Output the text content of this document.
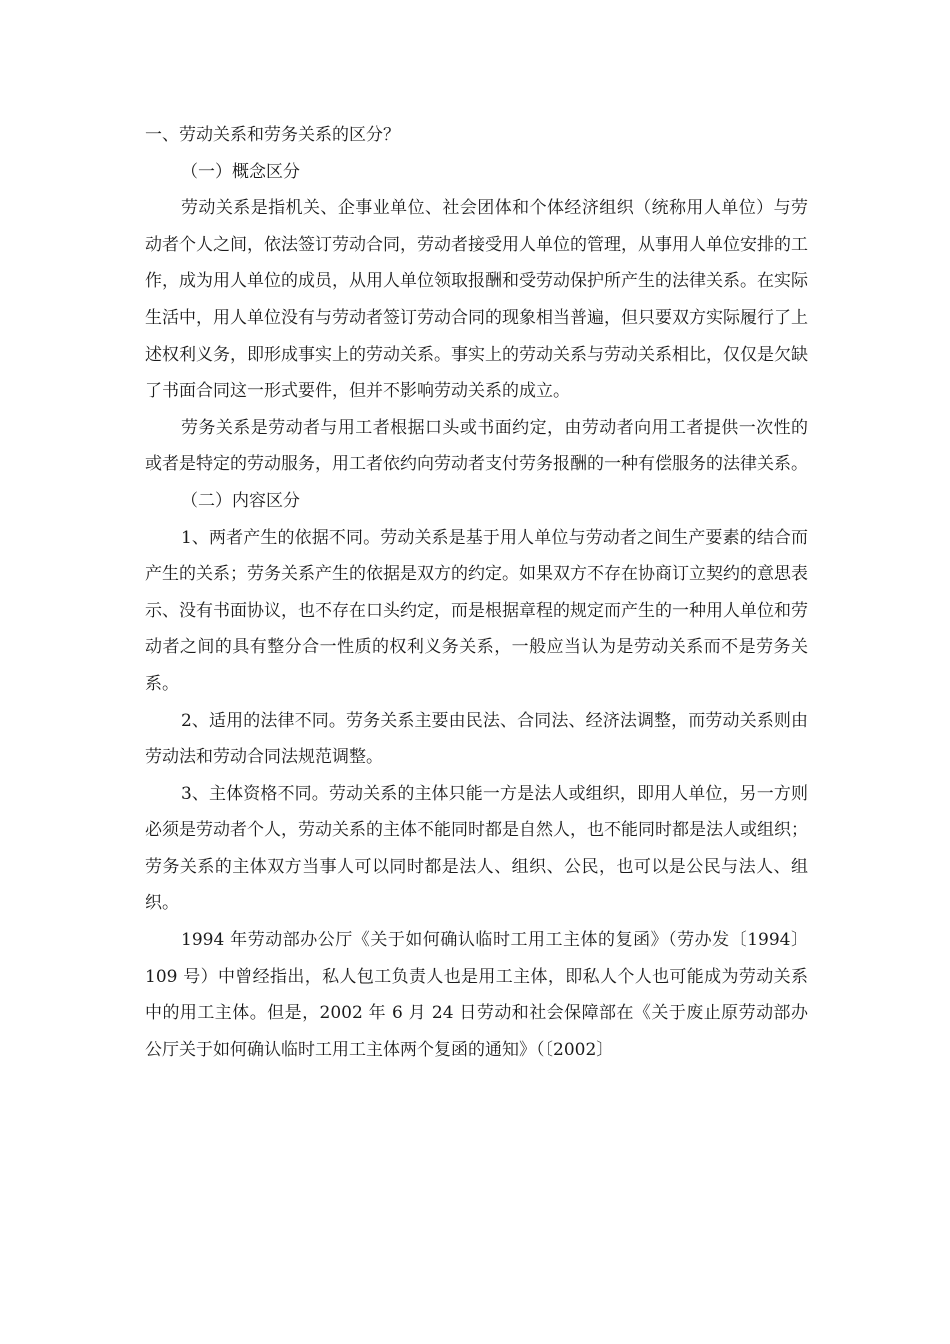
一、劳动关系和劳务关系的区分？

（一）概念区分

劳动关系是指机关、企事业单位、社会团体和个体经济组织（统称用人单位）与劳动者个人之间，依法签订劳动合同，劳动者接受用人单位的管理，从事用人单位安排的工作，成为用人单位的成员，从用人单位领取报酬和受劳动保护所产生的法律关系。在实际生活中，用人单位没有与劳动者签订劳动合同的现象相当普遍，但只要双方实际履行了上述权利义务，即形成事实上的劳动关系。事实上的劳动关系与劳动关系相比，仅仅是欠缺了书面合同这一形式要件，但并不影响劳动关系的成立。

劳务关系是劳动者与用工者根据口头或书面约定，由劳动者向用工者提供一次性的或者是特定的劳动服务，用工者依约向劳动者支付劳务报酬的一种有偿服务的法律关系。

（二）内容区分

1、两者产生的依据不同。劳动关系是基于用人单位与劳动者之间生产要素的结合而产生的关系；劳务关系产生的依据是双方的约定。如果双方不存在协商订立契约的意思表示、没有书面协议，也不存在口头约定，而是根据章程的规定而产生的一种用人单位和劳动者之间的具有整分合一性质的权利义务关系，一般应当认为是劳动关系而不是劳务关系。

2、适用的法律不同。劳务关系主要由民法、合同法、经济法调整，而劳动关系则由劳动法和劳动合同法规范调整。

3、主体资格不同。劳动关系的主体只能一方是法人或组织，即用人单位，另一方则必须是劳动者个人，劳动关系的主体不能同时都是自然人，也不能同时都是法人或组织；劳务关系的主体双方当事人可以同时都是法人、组织、公民，也可以是公民与法人、组织。

1994 年劳动部办公厅《关于如何确认临时工用工主体的复函》（劳办发〔1994〕109 号）中曾经指出，私人包工负责人也是用工主体，即私人个人也可能成为劳动关系中的用工主体。但是，2002 年 6 月 24 日劳动和社会保障部在《关于废止原劳动部办公厅关于如何确认临时工用工主体两个复函的通知》（〔2002〕
